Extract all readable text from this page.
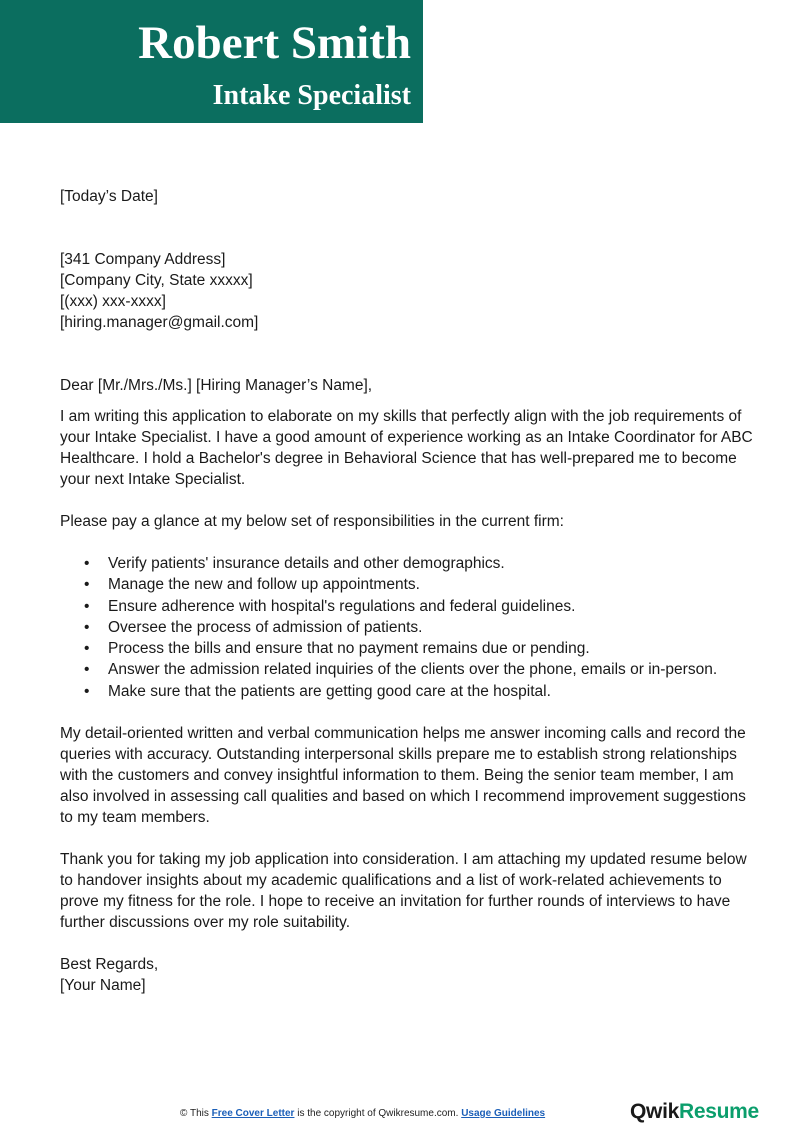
Robert Smith
Intake Specialist

[Today’s Date]

[341 Company Address]

[Company City, State xxxxx]

[(xxx) xxx-xxxx]

[hiring.manager@gmail.com]

Dear [Mr./Mrs./Ms.] [Hiring Manager’s Name],

I am writing this application to elaborate on my skills that perfectly align with the job requirements of your Intake Specialist. I have a good amount of experience working as an Intake Coordinator for ABC Healthcare. I hold a Bachelor's degree in Behavioral Science that has well-prepared me to become your next Intake Specialist.

Please pay a glance at my below set of responsibilities in the current firm:

• Verify patients' insurance details and other demographics.
• Manage the new and follow up appointments.
• Ensure adherence with hospital's regulations and federal guidelines.
• Oversee the process of admission of patients.
• Process the bills and ensure that no payment remains due or pending.
• Answer the admission related inquiries of the clients over the phone, emails or in-person.
• Make sure that the patients are getting good care at the hospital.

My detail-oriented written and verbal communication helps me answer incoming calls and record the queries with accuracy. Outstanding interpersonal skills prepare me to establish strong relationships with the customers and convey insightful information to them. Being the senior team member, I am also involved in assessing call qualities and based on which I recommend improvement suggestions to my team members.

Thank you for taking my job application into consideration. I am attaching my updated resume below to handover insights about my academic qualifications and a list of work-related achievements to prove my fitness for the role. I hope to receive an invitation for further rounds of interviews to have further discussions over my role suitability.

Best Regards,

[Your Name]

© This Free Cover Letter is the copyright of Qwikresume.com. Usage Guidelines	QwikResume
